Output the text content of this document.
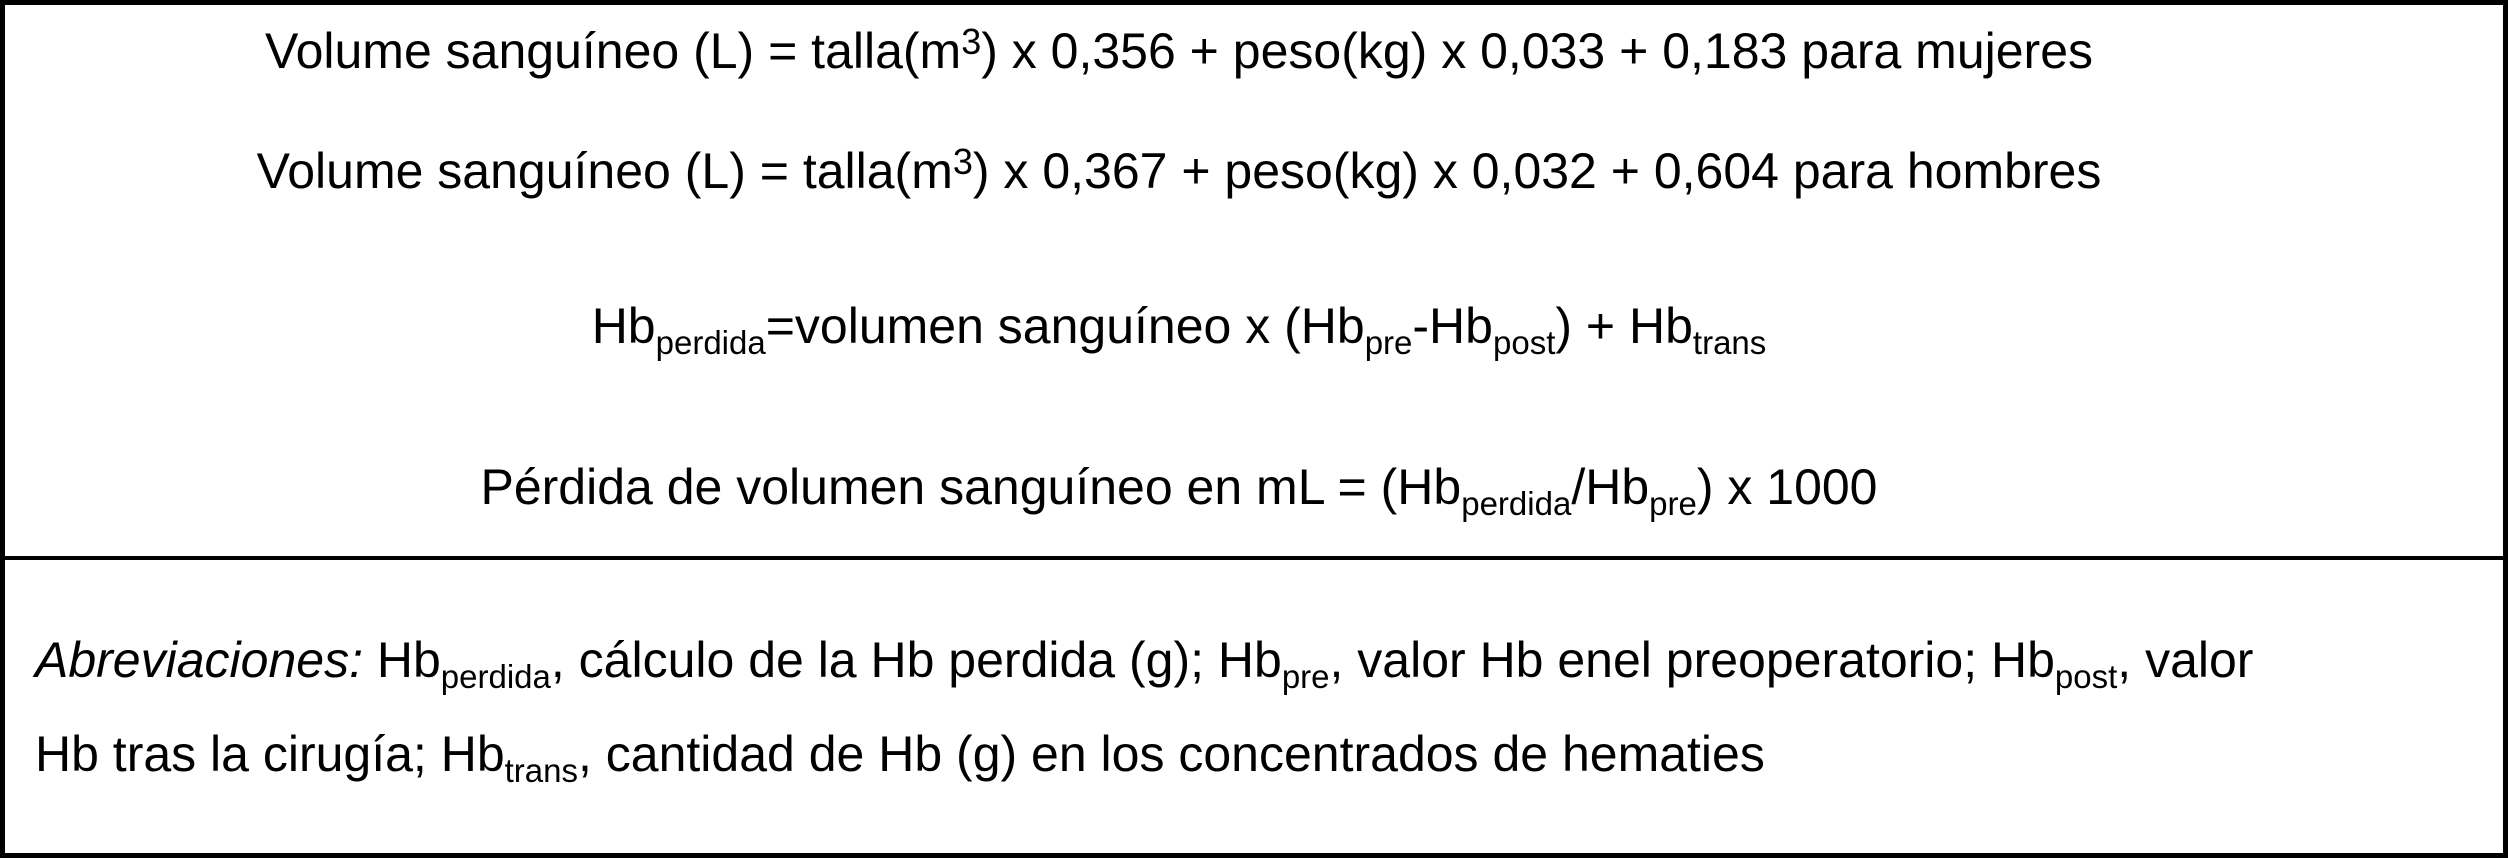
Volume sanguíneo $(L) = talla(m^3)$ x 0,356 + peso(kg) x 0,033 + 0,183 para mujeres
Volume sanguíneo $(L) = talla(m^3)$ x 0,367 + peso(kg) x 0,032 + 0,604 para hombres
$Hb_{perdida}=volumen$ sanguíneo x $(Hb_{pre}-Hb_{post}) + Hb_{trans}$
Pérdida de volumen sanguíneo en mL = $(Hb_{perdida}/Hb_{pre})$ x 1000
Abreviaciones: $Hb_{perdida}$, cálculo de la Hb perdida (g); $Hb_{pre}$, valor Hb enel preoperatorio; $Hb_{post}$, valor
Hb tras la cirugía; $Hb_{trans}$, cantidad de Hb (g) en los concentrados de hematies
